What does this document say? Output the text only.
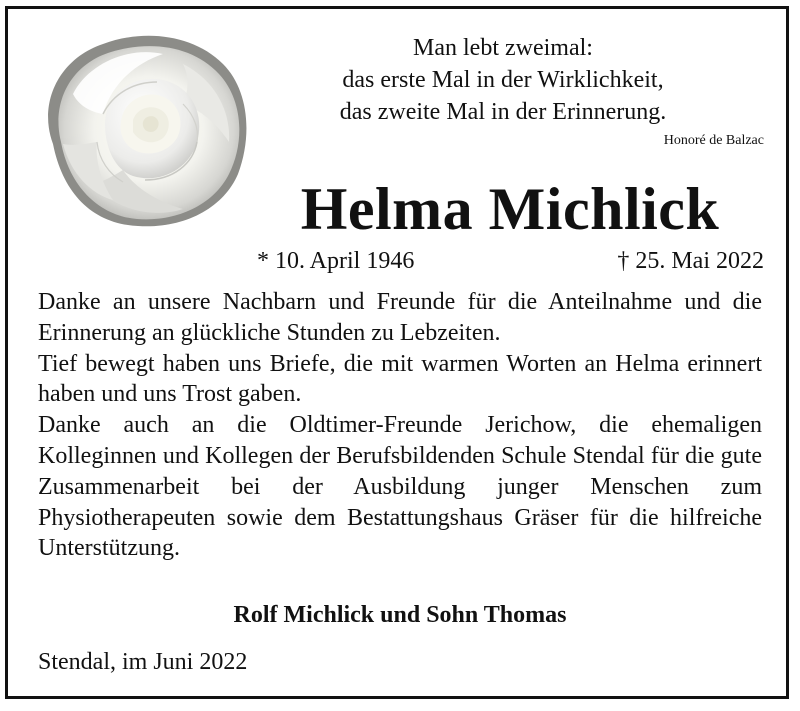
Man lebt zweimal:
das erste Mal in der Wirklichkeit,
das zweite Mal in der Erinnerung.
Honoré de Balzac
Helma Michlick
* 10. April 1946	† 25. Mai 2022

Danke an unsere Nachbarn und Freunde für die Anteilnahme und die Erinnerung an glückliche Stunden zu Lebzeiten.

Tief bewegt haben uns Briefe, die mit warmen Worten an Helma erinnert haben und uns Trost gaben.

Danke auch an die Oldtimer-Freunde Jerichow, die ehemaligen Kolleginnen und Kollegen der Berufsbildenden Schule Stendal für die gute Zusammenarbeit bei der Ausbildung junger Menschen zum Physiotherapeuten sowie dem Bestattungshaus Gräser für die hilfreiche Unterstützung.

Rolf Michlick und Sohn Thomas
Stendal, im Juni 2022
